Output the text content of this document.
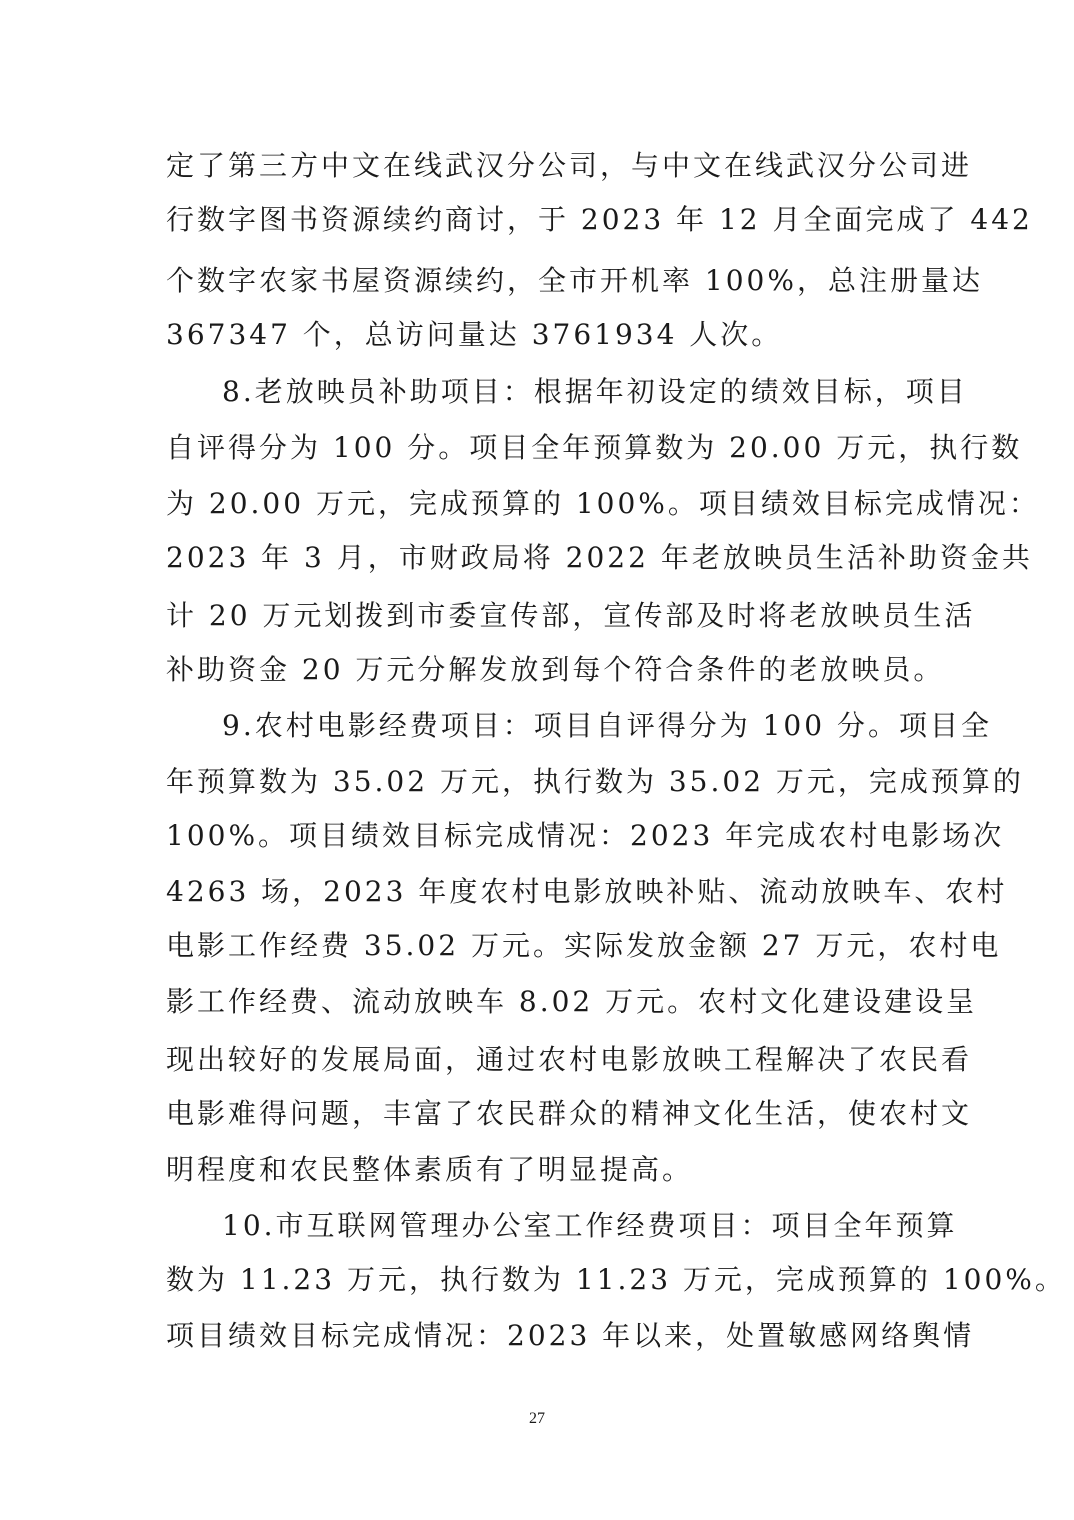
定了第三方中文在线武汉分公司，与中文在线武汉分公司进
行数字图书资源续约商讨，于 2023 年 12 月全面完成了 442
个数字农家书屋资源续约，全市开机率 100%，总注册量达
367347 个，总访问量达 3761934 人次。
8.老放映员补助项目：根据年初设定的绩效目标，项目
自评得分为 100 分。项目全年预算数为 20.00 万元，执行数
为 20.00 万元，完成预算的 100%。项目绩效目标完成情况：
2023 年 3 月，市财政局将 2022 年老放映员生活补助资金共
计 20 万元划拨到市委宣传部，宣传部及时将老放映员生活
补助资金 20 万元分解发放到每个符合条件的老放映员。
9.农村电影经费项目：项目自评得分为 100 分。项目全
年预算数为 35.02 万元，执行数为 35.02 万元，完成预算的
100%。项目绩效目标完成情况：2023 年完成农村电影场次
4263 场，2023 年度农村电影放映补贴、流动放映车、农村
电影工作经费 35.02 万元。实际发放金额 27 万元，农村电
影工作经费、流动放映车 8.02 万元。农村文化建设建设呈
现出较好的发展局面，通过农村电影放映工程解决了农民看
电影难得问题，丰富了农民群众的精神文化生活，使农村文
明程度和农民整体素质有了明显提高。
10.市互联网管理办公室工作经费项目：项目全年预算
数为 11.23 万元，执行数为 11.23 万元，完成预算的 100%。
项目绩效目标完成情况：2023 年以来，处置敏感网络舆情
27
